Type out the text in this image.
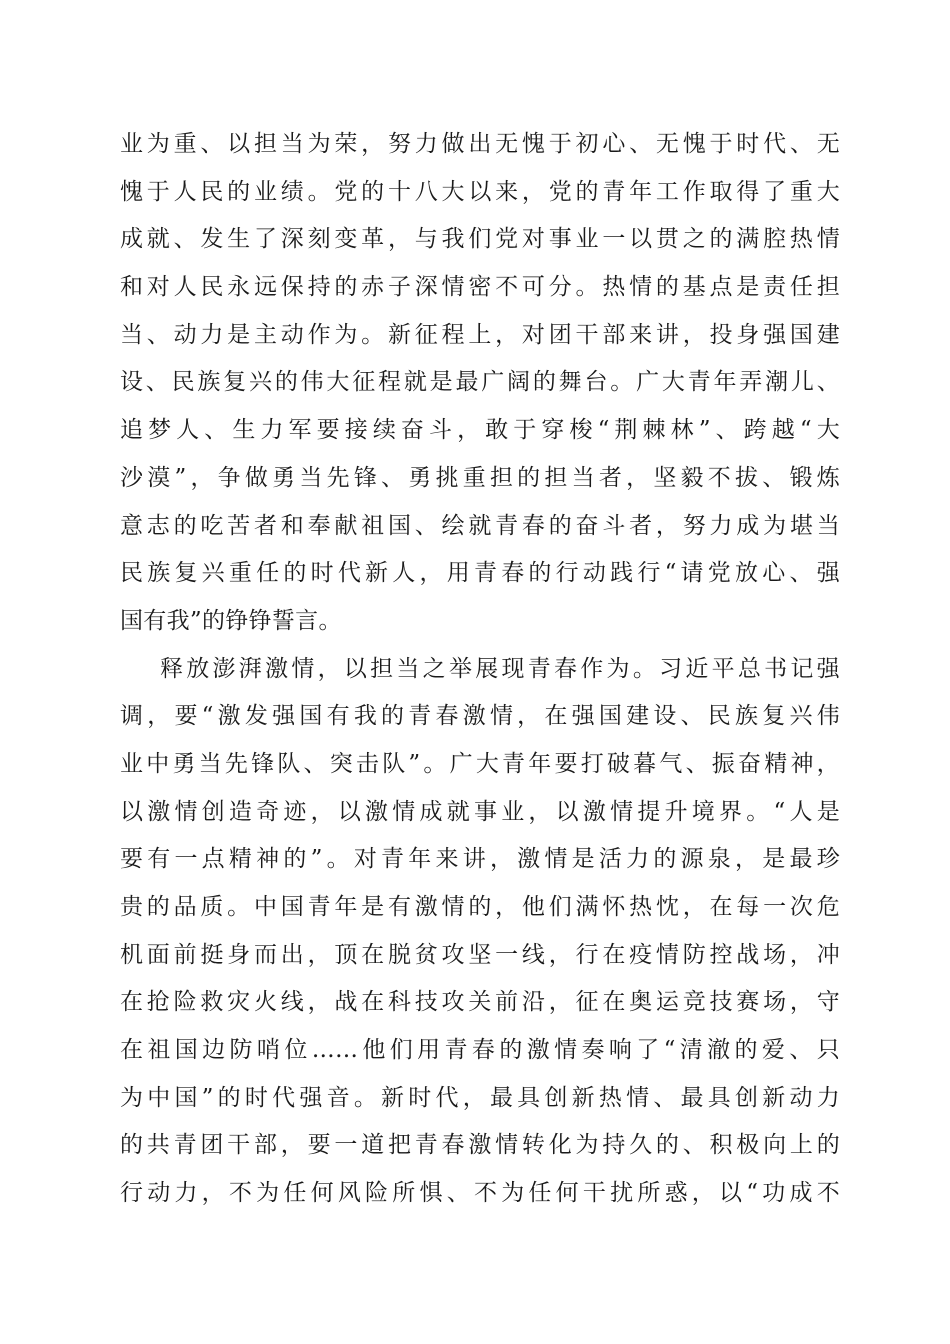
业为重、以担当为荣，努力做出无愧于初心、无愧于时代、无
愧于人民的业绩。党的十八大以来，党的青年工作取得了重大
成就、发生了深刻变革，与我们党对事业一以贯之的满腔热情
和对人民永远保持的赤子深情密不可分。热情的基点是责任担
当、动力是主动作为。新征程上，对团干部来讲，投身强国建
设、民族复兴的伟大征程就是最广阔的舞台。广大青年弄潮儿、
追梦人、生力军要接续奋斗，敢于穿梭“荆棘林”、跨越“大
沙漠”，争做勇当先锋、勇挑重担的担当者，坚毅不拔、锻炼
意志的吃苦者和奉献祖国、绘就青春的奋斗者，努力成为堪当
民族复兴重任的时代新人，用青春的行动践行“请党放心、强
国有我”的铮铮誓言。
释放澎湃激情，以担当之举展现青春作为。习近平总书记强
调，要“激发强国有我的青春激情，在强国建设、民族复兴伟
业中勇当先锋队、突击队”。广大青年要打破暮气、振奋精神，
以激情创造奇迹，以激情成就事业，以激情提升境界。“人是
要有一点精神的”。对青年来讲，激情是活力的源泉，是最珍
贵的品质。中国青年是有激情的，他们满怀热忱，在每一次危
机面前挺身而出，顶在脱贫攻坚一线，行在疫情防控战场，冲
在抢险救灾火线，战在科技攻关前沿，征在奥运竞技赛场，守
在祖国边防哨位……他们用青春的激情奏响了“清澈的爱、只
为中国”的时代强音。新时代，最具创新热情、最具创新动力
的共青团干部，要一道把青春激情转化为持久的、积极向上的
行动力，不为任何风险所惧、不为任何干扰所惑，以“功成不
